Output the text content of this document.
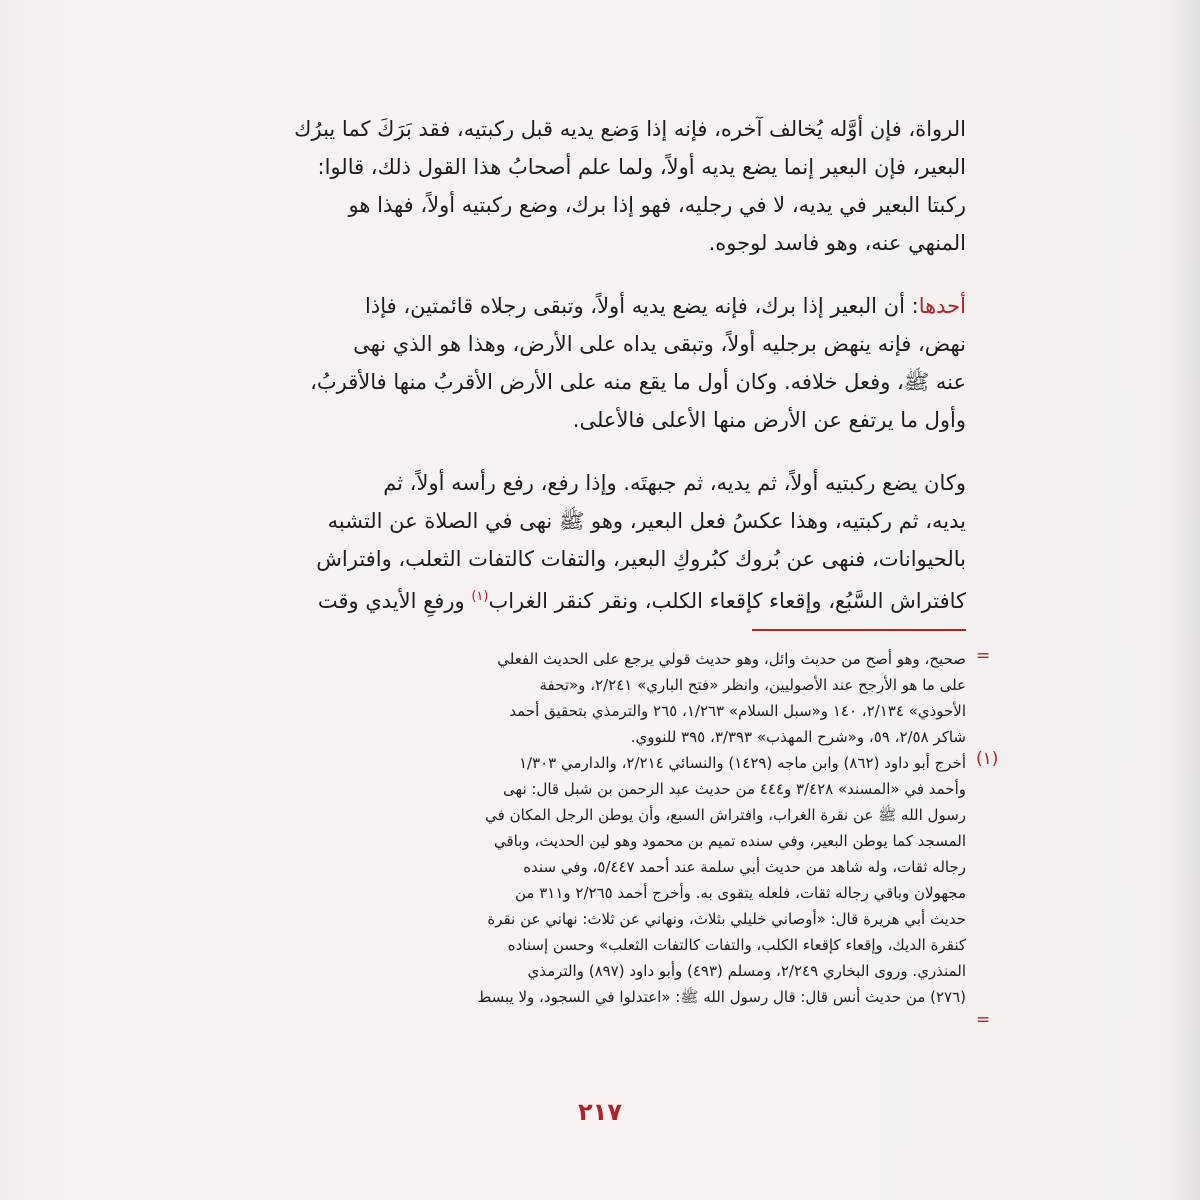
الرواة، فإن أوَّله يُخالف آخره، فإنه إذا وَضع يديه قبل ركبتيه، فقد بَرَكَ كما يبرُك

البعير، فإن البعير إنما يضع يديه أولاً، ولما علم أصحابُ هذا القول ذلك، قالوا:

ركبتا البعير في يديه، لا في رجليه، فهو إذا برك، وضع ركبتيه أولاً، فهذا هو

المنهي عنه، وهو فاسد لوجوه.

أحدها: أن البعير إذا برك، فإنه يضع يديه أولاً، وتبقى رجلاه قائمتين، فإذا

نهض، فإنه ينهض برجليه أولاً، وتبقى يداه على الأرض، وهذا هو الذي نهى

عنه ﷺ، وفعل خلافه. وكان أول ما يقع منه على الأرض الأقربُ منها فالأقربُ،

وأول ما يرتفع عن الأرض منها الأعلى فالأعلى.

وكان يضع ركبتيه أولاً، ثم يديه، ثم جبهتَه. وإذا رفع، رفع رأسه أولاً، ثم

يديه، ثم ركبتيه، وهذا عكسُ فعل البعير، وهو ﷺ نهى في الصلاة عن التشبه

بالحيوانات، فنهى عن بُروك كبُروكِ البعير، والتفات كالتفات الثعلب، وافتراش

كافتراش السَّبُع، وإقعاء كإقعاء الكلب، ونقر كنقر الغراب$^{(١)}$ ورفعِ الأيدي وقت

=

صحيح، وهو أصح من حديث وائل، وهو حديث قولي يرجع على الحديث الفعلي

على ما هو الأرجح عند الأصوليين، وانظر «فتح الباري» ٢/٢٤١، و«تحفة

الأحوذي» ٢/١٣٤، ١٤٠ و«سبل السلام» ١/٢٦٣، ٢٦٥ والترمذي بتحقيق أحمد

شاكر ٢/٥٨، ٥٩، و«شرح المهذب» ٣/٣٩٣، ٣٩٥ للنووي.

(١)

أخرج أبو داود (٨٦٢) وابن ماجه (١٤٢٩) والنسائي ٢/٢١٤، والدارمي ١/٣٠٣

وأحمد في «المسند» ٣/٤٢٨ و٤٤٤ من حديث عبد الرحمن بن شبل قال: نهى

رسول الله ﷺ عن نقرة الغراب، وافتراش السبع، وأن يوطن الرجل المكان في

المسجد كما يوطن البعير، وفي سنده تميم بن محمود وهو لين الحديث، وباقي

رجاله ثقات، وله شاهد من حديث أبي سلمة عند أحمد ٥/٤٤٧، وفي سنده

مجهولان وباقي رجاله ثقات، فلعله يتقوى به. وأخرج أحمد ٢/٢٦٥ و٣١١ من

حديث أبي هريرة قال: «أوصاني خليلي بثلاث، ونهاني عن ثلاث: نهاني عن نقرة

كنقرة الديك، وإقعاء كإقعاء الكلب، والتفات كالتفات الثعلب» وحسن إسناده

المنذري. وروى البخاري ٢/٢٤٩، ومسلم (٤٩٣) وأبو داود (٨٩٧) والترمذي

(٢٧٦) من حديث أنس قال: قال رسول الله ﷺ: «اعتدلوا في السجود، ولا يبسط

=
٢١٧
